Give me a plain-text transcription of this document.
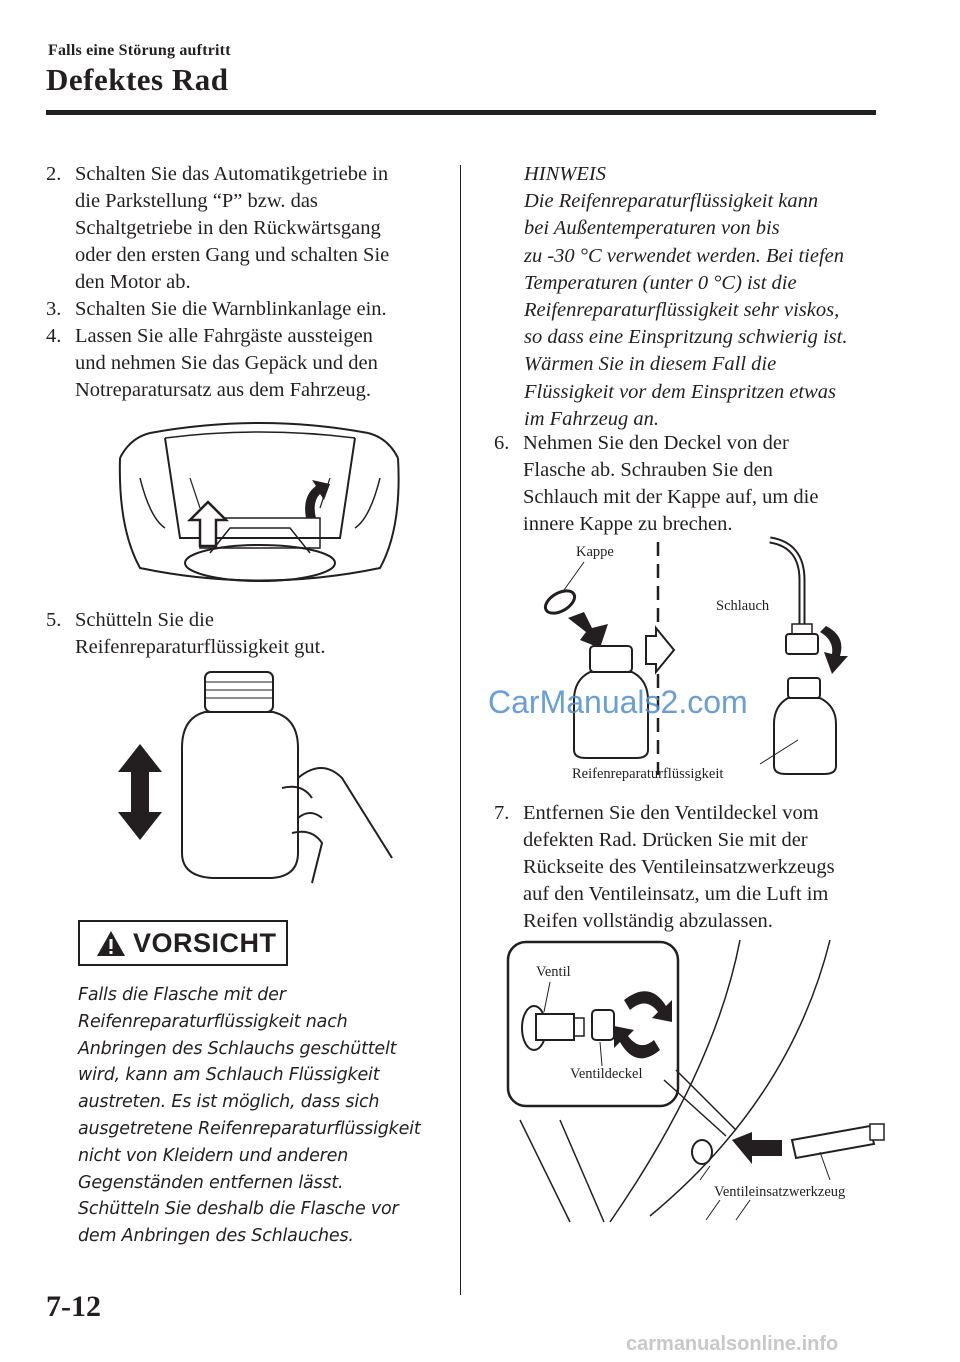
Falls eine Störung auftritt
Defektes Rad
2. Schalten Sie das Automatikgetriebe in
die Parkstellung “P” bzw. das
Schaltgetriebe in den Rückwärtsgang
oder den ersten Gang und schalten Sie
den Motor ab.
3. Schalten Sie die Warnblinkanlage ein.
4. Lassen Sie alle Fahrgäste aussteigen
und nehmen Sie das Gepäck und den
Notreparatursatz aus dem Fahrzeug.
5. Schütteln Sie die
Reifenreparaturflüssigkeit gut.
VORSICHT
Falls die Flasche mit der
Reifenreparaturflüssigkeit nach
Anbringen des Schlauchs geschüttelt
wird, kann am Schlauch Flüssigkeit
austreten. Es ist möglich, dass sich
ausgetretene Reifenreparaturflüssigkeit
nicht von Kleidern und anderen
Gegenständen entfernen lässt.
Schütteln Sie deshalb die Flasche vor
dem Anbringen des Schlauches.
HINWEIS
Die Reifenreparaturflüssigkeit kann
bei Außentemperaturen von bis
zu -30 °C verwendet werden. Bei tiefen
Temperaturen (unter 0 °C) ist die
Reifenreparaturflüssigkeit sehr viskos,
so dass eine Einspritzung schwierig ist.
Wärmen Sie in diesem Fall die
Flüssigkeit vor dem Einspritzen etwas
im Fahrzeug an.
6. Nehmen Sie den Deckel von der
Flasche ab. Schrauben Sie den
Schlauch mit der Kappe auf, um die
innere Kappe zu brechen.
Kappe
Schlauch
Reifenreparaturflüssigkeit
CarManuals2.com
7. Entfernen Sie den Ventildeckel vom
defekten Rad. Drücken Sie mit der
Rückseite des Ventileinsatzwerkzeugs
auf den Ventileinsatz, um die Luft im
Reifen vollständig abzulassen.
Ventil
Ventildeckel
Ventileinsatzwerkzeug
7-12
carmanualsonline.info
